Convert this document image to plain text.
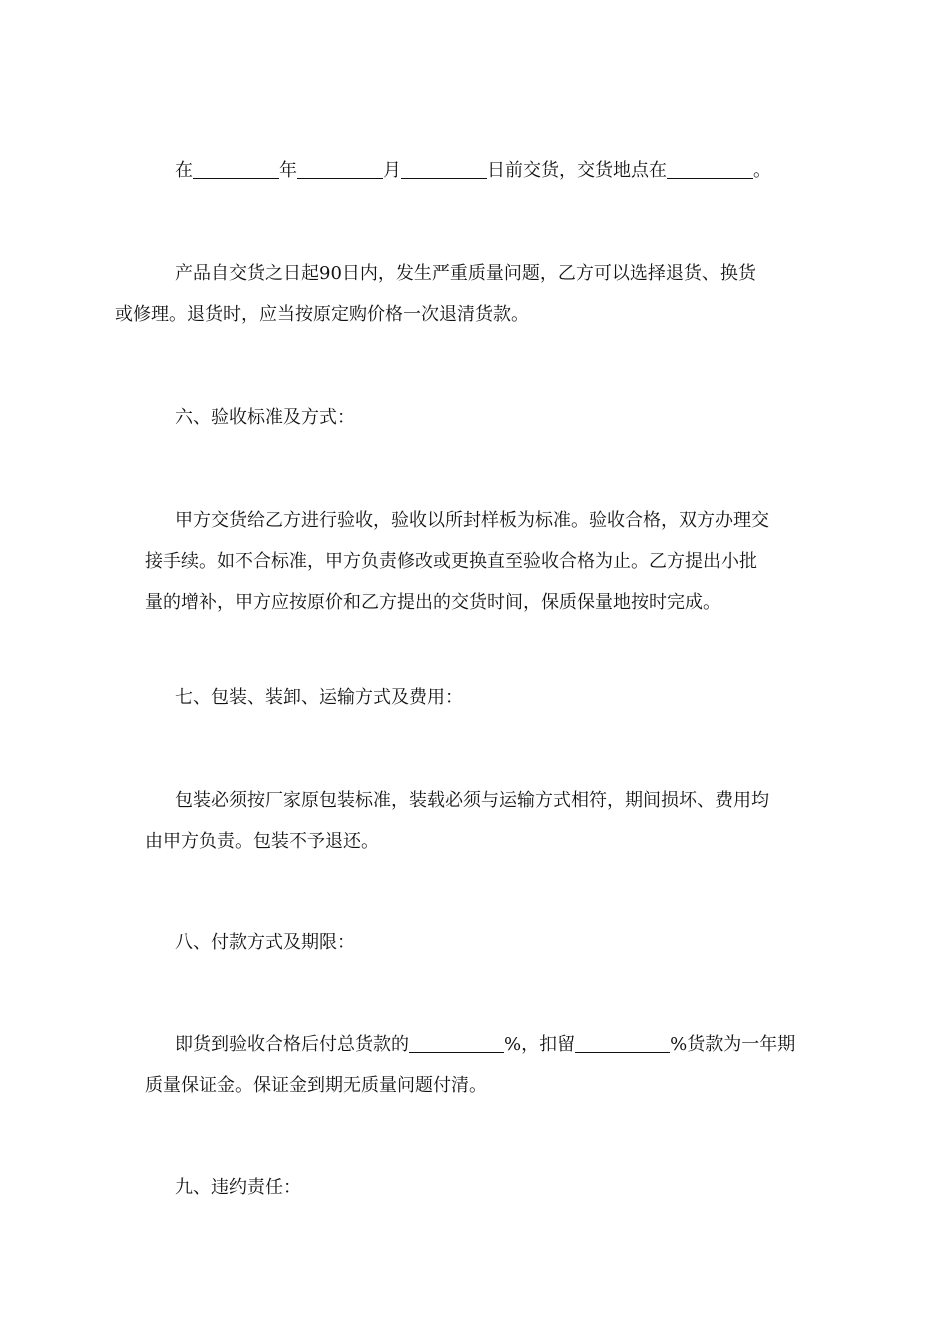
在	年	月	日前交货，交货地点在	。
产品自交货之日起90日内，发生严重质量问题，乙方可以选择退货、换货
或修理。退货时，应当按原定购价格一次退清货款。
六、验收标准及方式：
甲方交货给乙方进行验收，验收以所封样板为标准。验收合格，双方办理交
接手续。如不合标准，甲方负责修改或更换直至验收合格为止。乙方提出小批
量的增补，甲方应按原价和乙方提出的交货时间，保质保量地按时完成。
七、包装、装卸、运输方式及费用：
包装必须按厂家原包装标准，装载必须与运输方式相符，期间损坏、费用均
由甲方负责。包装不予退还。
八、付款方式及期限：
即货到验收合格后付总货款的	%，扣留	%货款为一年期
质量保证金。保证金到期无质量问题付清。
九、违约责任：
